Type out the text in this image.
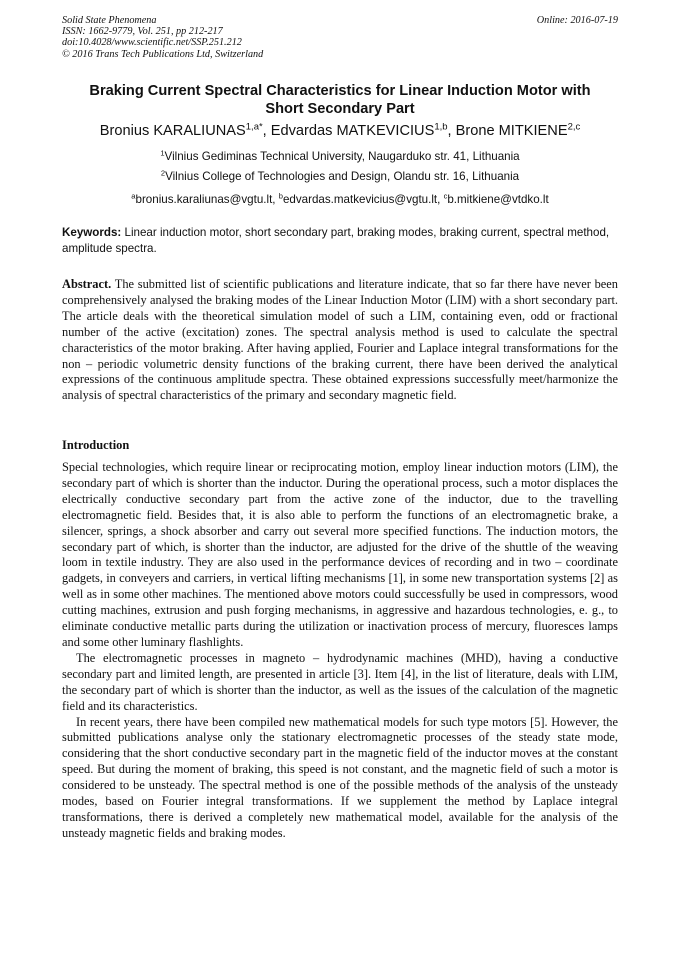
Solid State Phenomena
ISSN: 1662-9779, Vol. 251, pp 212-217
doi:10.4028/www.scientific.net/SSP.251.212
© 2016 Trans Tech Publications Ltd, Switzerland
Online: 2016-07-19
Braking Current Spectral Characteristics for Linear Induction Motor with
Short Secondary Part
Bronius $KARALIUNAS^{1,a*}$, Edvardas MATKEVICIUS$^{1,b}$, Brone MITKIENE$^{2,c}$
$^1$Vilnius Gediminas Technical University, Naugarduko str. 41, Lithuania
$^2$Vilnius College of Technologies and Design, Olandu str. 16, Lithuania
$^a$bronius.karaliunas@vgtu.lt, $^b$edvardas.matkevicius@vgtu.lt, $^c$b.mitkiene@vtdko.lt
Keywords: Linear induction motor, short secondary part, braking modes, braking current, spectral method, amplitude spectra.
Abstract. The submitted list of scientific publications and literature indicate, that so far there have never been comprehensively analysed the braking modes of the Linear Induction Motor (LIM) with a short secondary part. The article deals with the theoretical simulation model of such a LIM, containing even, odd or fractional number of the active (excitation) zones. The spectral analysis method is used to calculate the spectral characteristics of the motor braking. After having applied, Fourier and Laplace integral transformations for the non – periodic volumetric density functions of the braking current, there have been derived the analytical expressions of the continuous amplitude spectra. These obtained expressions successfully meet/harmonize the analysis of spectral characteristics of the primary and secondary magnetic field.
Introduction

Special technologies, which require linear or reciprocating motion, employ linear induction motors (LIM), the secondary part of which is shorter than the inductor. During the operational process, such a motor displaces the electrically conductive secondary part from the active zone of the inductor, due to the travelling electromagnetic field. Besides that, it is also able to perform the functions of an electromagnetic brake, a silencer, springs, a shock absorber and carry out several more specified functions. The induction motors, the secondary part of which, is shorter than the inductor, are adjusted for the drive of the shuttle of the weaving loom in textile industry. They are also used in the performance devices of recording and in two – coordinate gadgets, in conveyers and carriers, in vertical lifting mechanisms [1], in some new transportation systems [2] as well as in some other machines. The mentioned above motors could successfully be used in compressors, wood cutting machines, extrusion and push forging mechanisms, in aggressive and hazardous technologies, e. g., to eliminate conductive metallic parts during the utilization or inactivation process of mercury, fluoresces lamps and some other luminary flashlights.

The electromagnetic processes in magneto – hydrodynamic machines (MHD), having a conductive secondary part and limited length, are presented in article [3]. Item [4], in the list of literature, deals with LIM, the secondary part of which is shorter than the inductor, as well as the issues of the calculation of the magnetic field and its characteristics.

In recent years, there have been compiled new mathematical models for such type motors [5]. However, the submitted publications analyse only the stationary electromagnetic processes of the steady state mode, considering that the short conductive secondary part in the magnetic field of the inductor moves at the constant speed. But during the moment of braking, this speed is not constant, and the magnetic field of such a motor is considered to be unsteady. The spectral method is one of the possible methods of the analysis of the unsteady modes, based on Fourier integral transformations. If we supplement the method by Laplace integral transformations, there is derived a completely new mathematical model, available for the analysis of the unsteady magnetic fields and braking modes.
